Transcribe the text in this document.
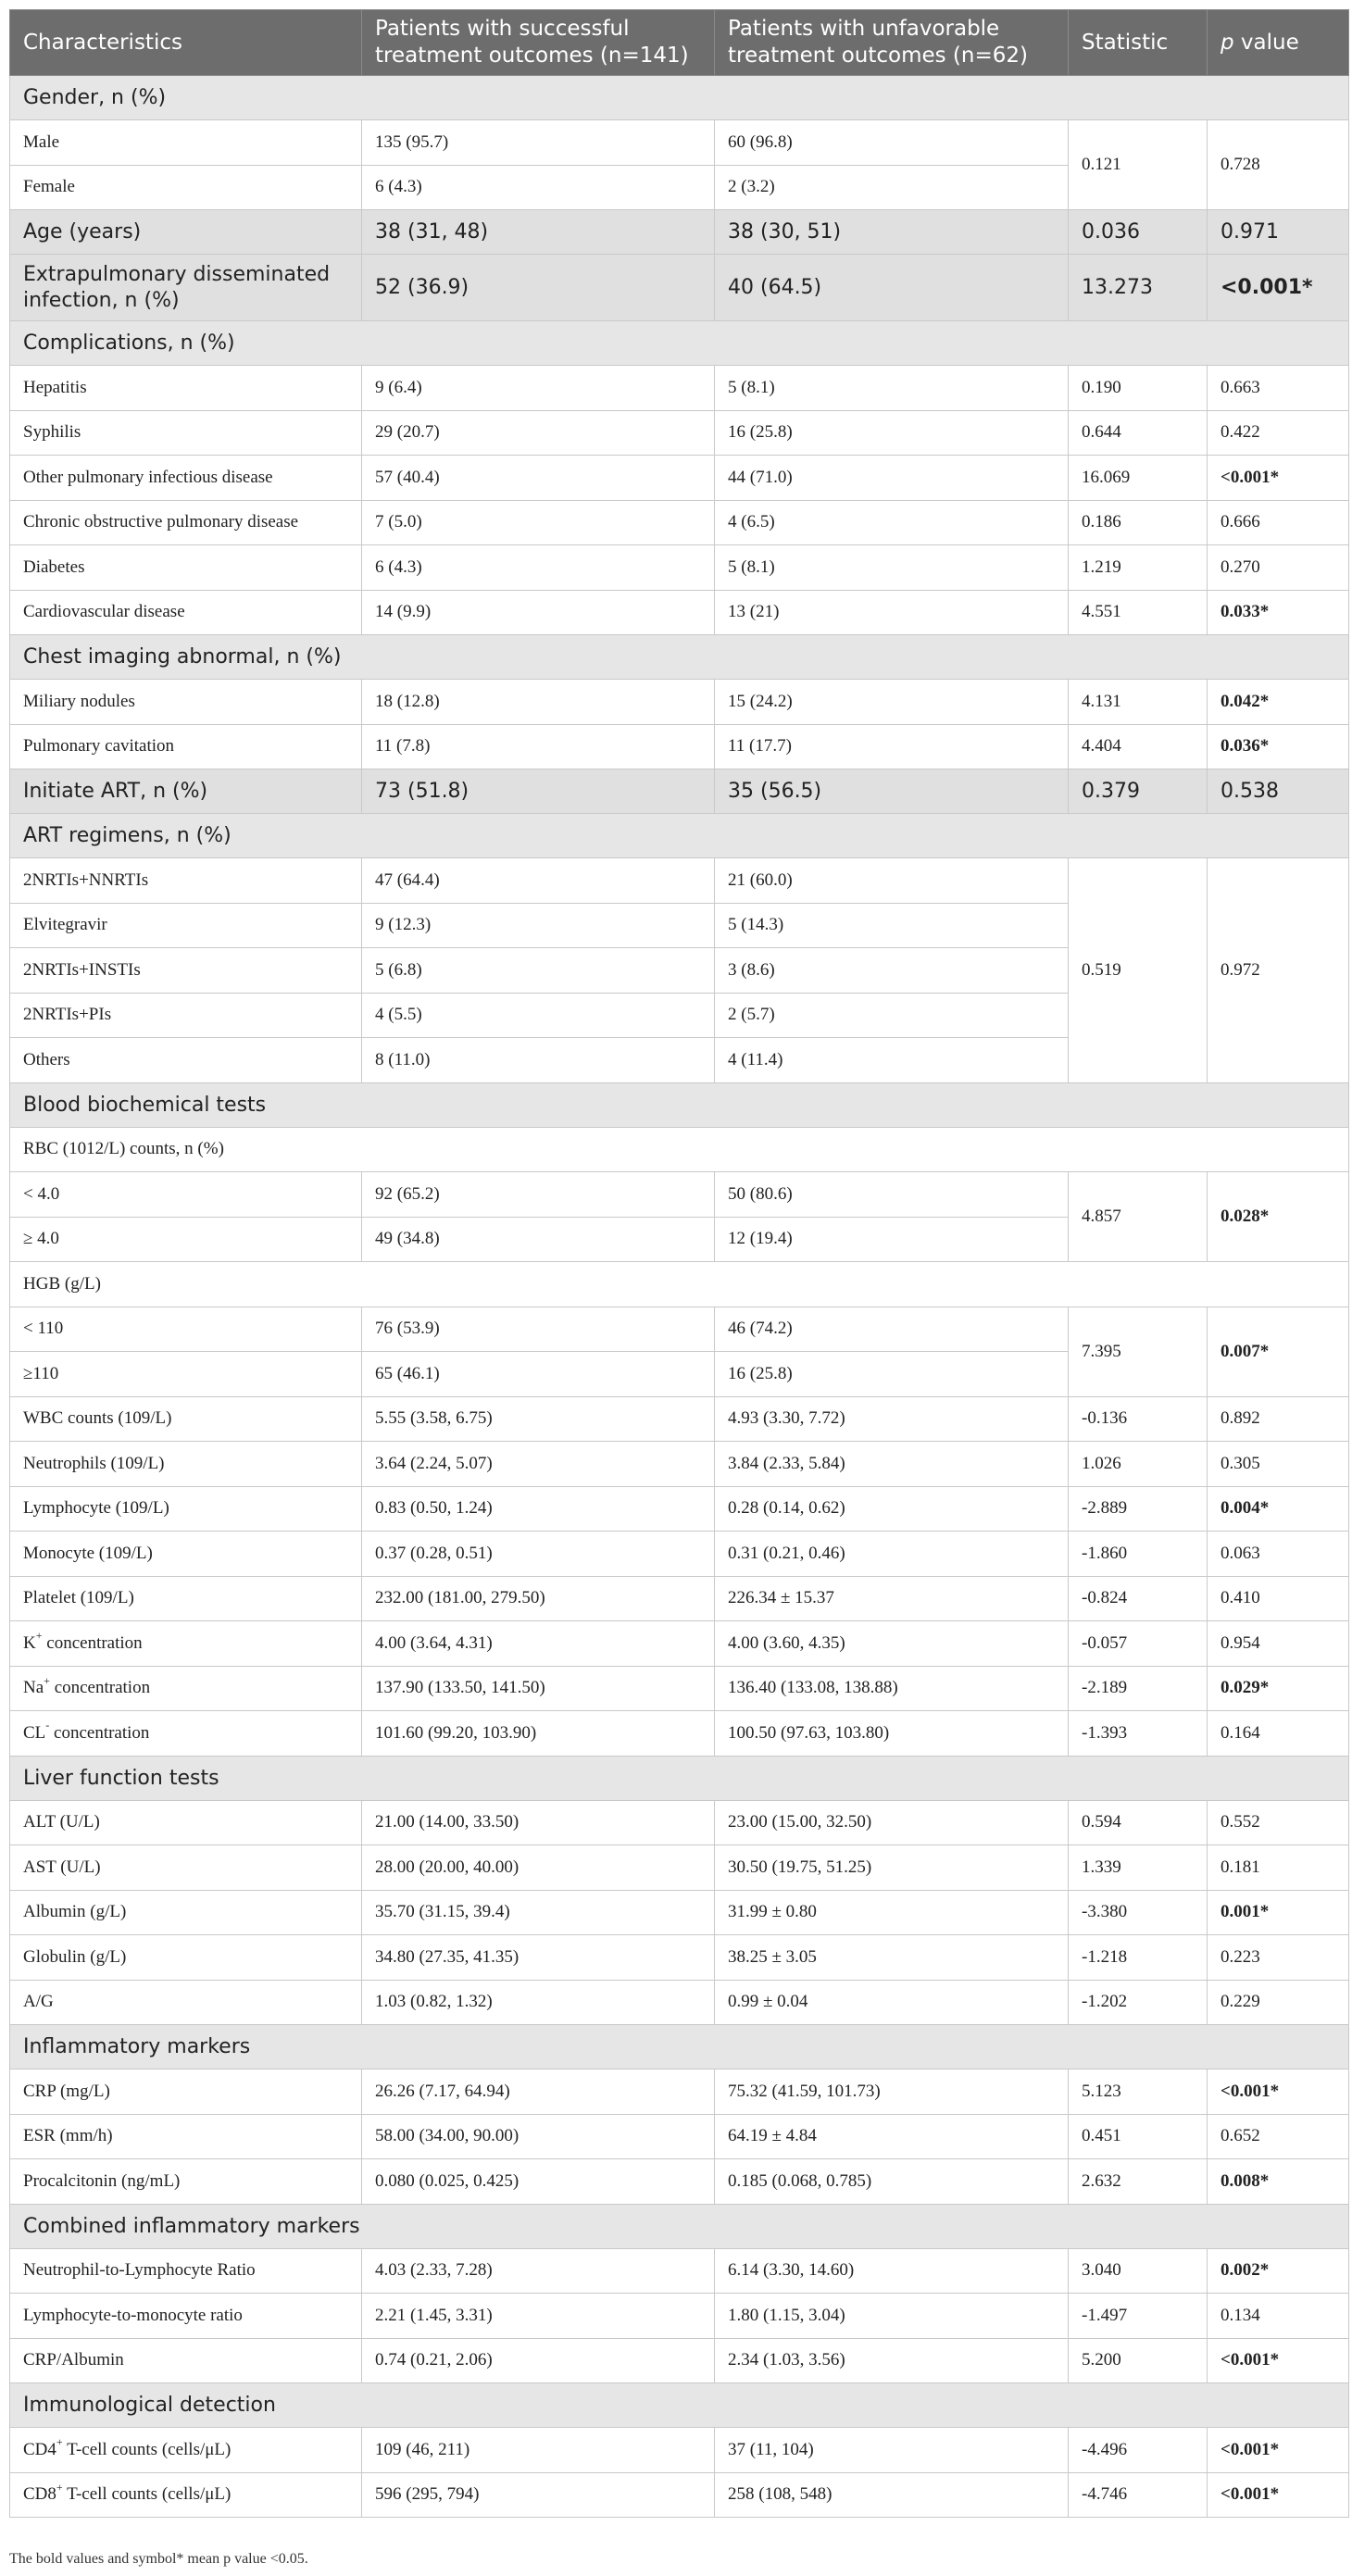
Characteristics	Patients with successful treatment outcomes (n=141)	Patients with unfavorable treatment outcomes (n=62)	Statistic	p value
Gender, n (%)				
Male	135 (95.7)	60 (96.8)	0.121	0.728
Female	6 (4.3)	2 (3.2)		
Age (years)	38 (31, 48)	38 (30, 51)	0.036	0.971
Extrapulmonary disseminated infection, n (%)	52 (36.9)	40 (64.5)	13.273	<0.001*
Complications, n (%)				
Hepatitis	9 (6.4)	5 (8.1)	0.190	0.663
Syphilis	29 (20.7)	16 (25.8)	0.644	0.422
Other pulmonary infectious disease	57 (40.4)	44 (71.0)	16.069	<0.001*
Chronic obstructive pulmonary disease	7 (5.0)	4 (6.5)	0.186	0.666
Diabetes	6 (4.3)	5 (8.1)	1.219	0.270
Cardiovascular disease	14 (9.9)	13 (21)	4.551	0.033*
Chest imaging abnormal, n (%)				
Miliary nodules	18 (12.8)	15 (24.2)	4.131	0.042*
Pulmonary cavitation	11 (7.8)	11 (17.7)	4.404	0.036*
Initiate ART, n (%)	73 (51.8)	35 (56.5)	0.379	0.538
ART regimens, n (%)				
2NRTIs+NNRTIs	47 (64.4)	21 (60.0)	0.519	0.972
Elvitegravir	9 (12.3)	5 (14.3)		
2NRTIs+INSTIs	5 (6.8)	3 (8.6)		
2NRTIs+PIs	4 (5.5)	2 (5.7)		
Others	8 (11.0)	4 (11.4)		
Blood biochemical tests				
RBC (1012/L) counts, n (%)				
< 4.0	92 (65.2)	50 (80.6)	4.857	0.028*
≥ 4.0	49 (34.8)	12 (19.4)		
HGB (g/L)				
< 110	76 (53.9)	46 (74.2)	7.395	0.007*
≥110	65 (46.1)	16 (25.8)		
WBC counts (109/L)	5.55 (3.58, 6.75)	4.93 (3.30, 7.72)	-0.136	0.892
Neutrophils (109/L)	3.64 (2.24, 5.07)	3.84 (2.33, 5.84)	1.026	0.305
Lymphocyte (109/L)	0.83 (0.50, 1.24)	0.28 (0.14, 0.62)	-2.889	0.004*
Monocyte (109/L)	0.37 (0.28, 0.51)	0.31 (0.21, 0.46)	-1.860	0.063
Platelet (109/L)	232.00 (181.00, 279.50)	226.34 ± 15.37	-0.824	0.410
K+ concentration	4.00 (3.64, 4.31)	4.00 (3.60, 4.35)	-0.057	0.954
Na+ concentration	137.90 (133.50, 141.50)	136.40 (133.08, 138.88)	-2.189	0.029*
CL- concentration	101.60 (99.20, 103.90)	100.50 (97.63, 103.80)	-1.393	0.164
Liver function tests				
ALT (U/L)	21.00 (14.00, 33.50)	23.00 (15.00, 32.50)	0.594	0.552
AST (U/L)	28.00 (20.00, 40.00)	30.50 (19.75, 51.25)	1.339	0.181
Albumin (g/L)	35.70 (31.15, 39.4)	31.99 ± 0.80	-3.380	0.001*
Globulin (g/L)	34.80 (27.35, 41.35)	38.25 ± 3.05	-1.218	0.223
A/G	1.03 (0.82, 1.32)	0.99 ± 0.04	-1.202	0.229
Inflammatory markers				
CRP (mg/L)	26.26 (7.17, 64.94)	75.32 (41.59, 101.73)	5.123	<0.001*
ESR (mm/h)	58.00 (34.00, 90.00)	64.19 ± 4.84	0.451	0.652
Procalcitonin (ng/mL)	0.080 (0.025, 0.425)	0.185 (0.068, 0.785)	2.632	0.008*
Combined inflammatory markers				
Neutrophil-to-Lymphocyte Ratio	4.03 (2.33, 7.28)	6.14 (3.30, 14.60)	3.040	0.002*
Lymphocyte-to-monocyte ratio	2.21 (1.45, 3.31)	1.80 (1.15, 3.04)	-1.497	0.134
CRP/Albumin	0.74 (0.21, 2.06)	2.34 (1.03, 3.56)	5.200	<0.001*
Immunological detection				
CD4+ T-cell counts (cells/μL)	109 (46, 211)	37 (11, 104)	-4.496	<0.001*
CD8+ T-cell counts (cells/μL)	596 (295, 794)	258 (108, 548)	-4.746	<0.001*

The bold values and symbol* mean p value <0.05.
